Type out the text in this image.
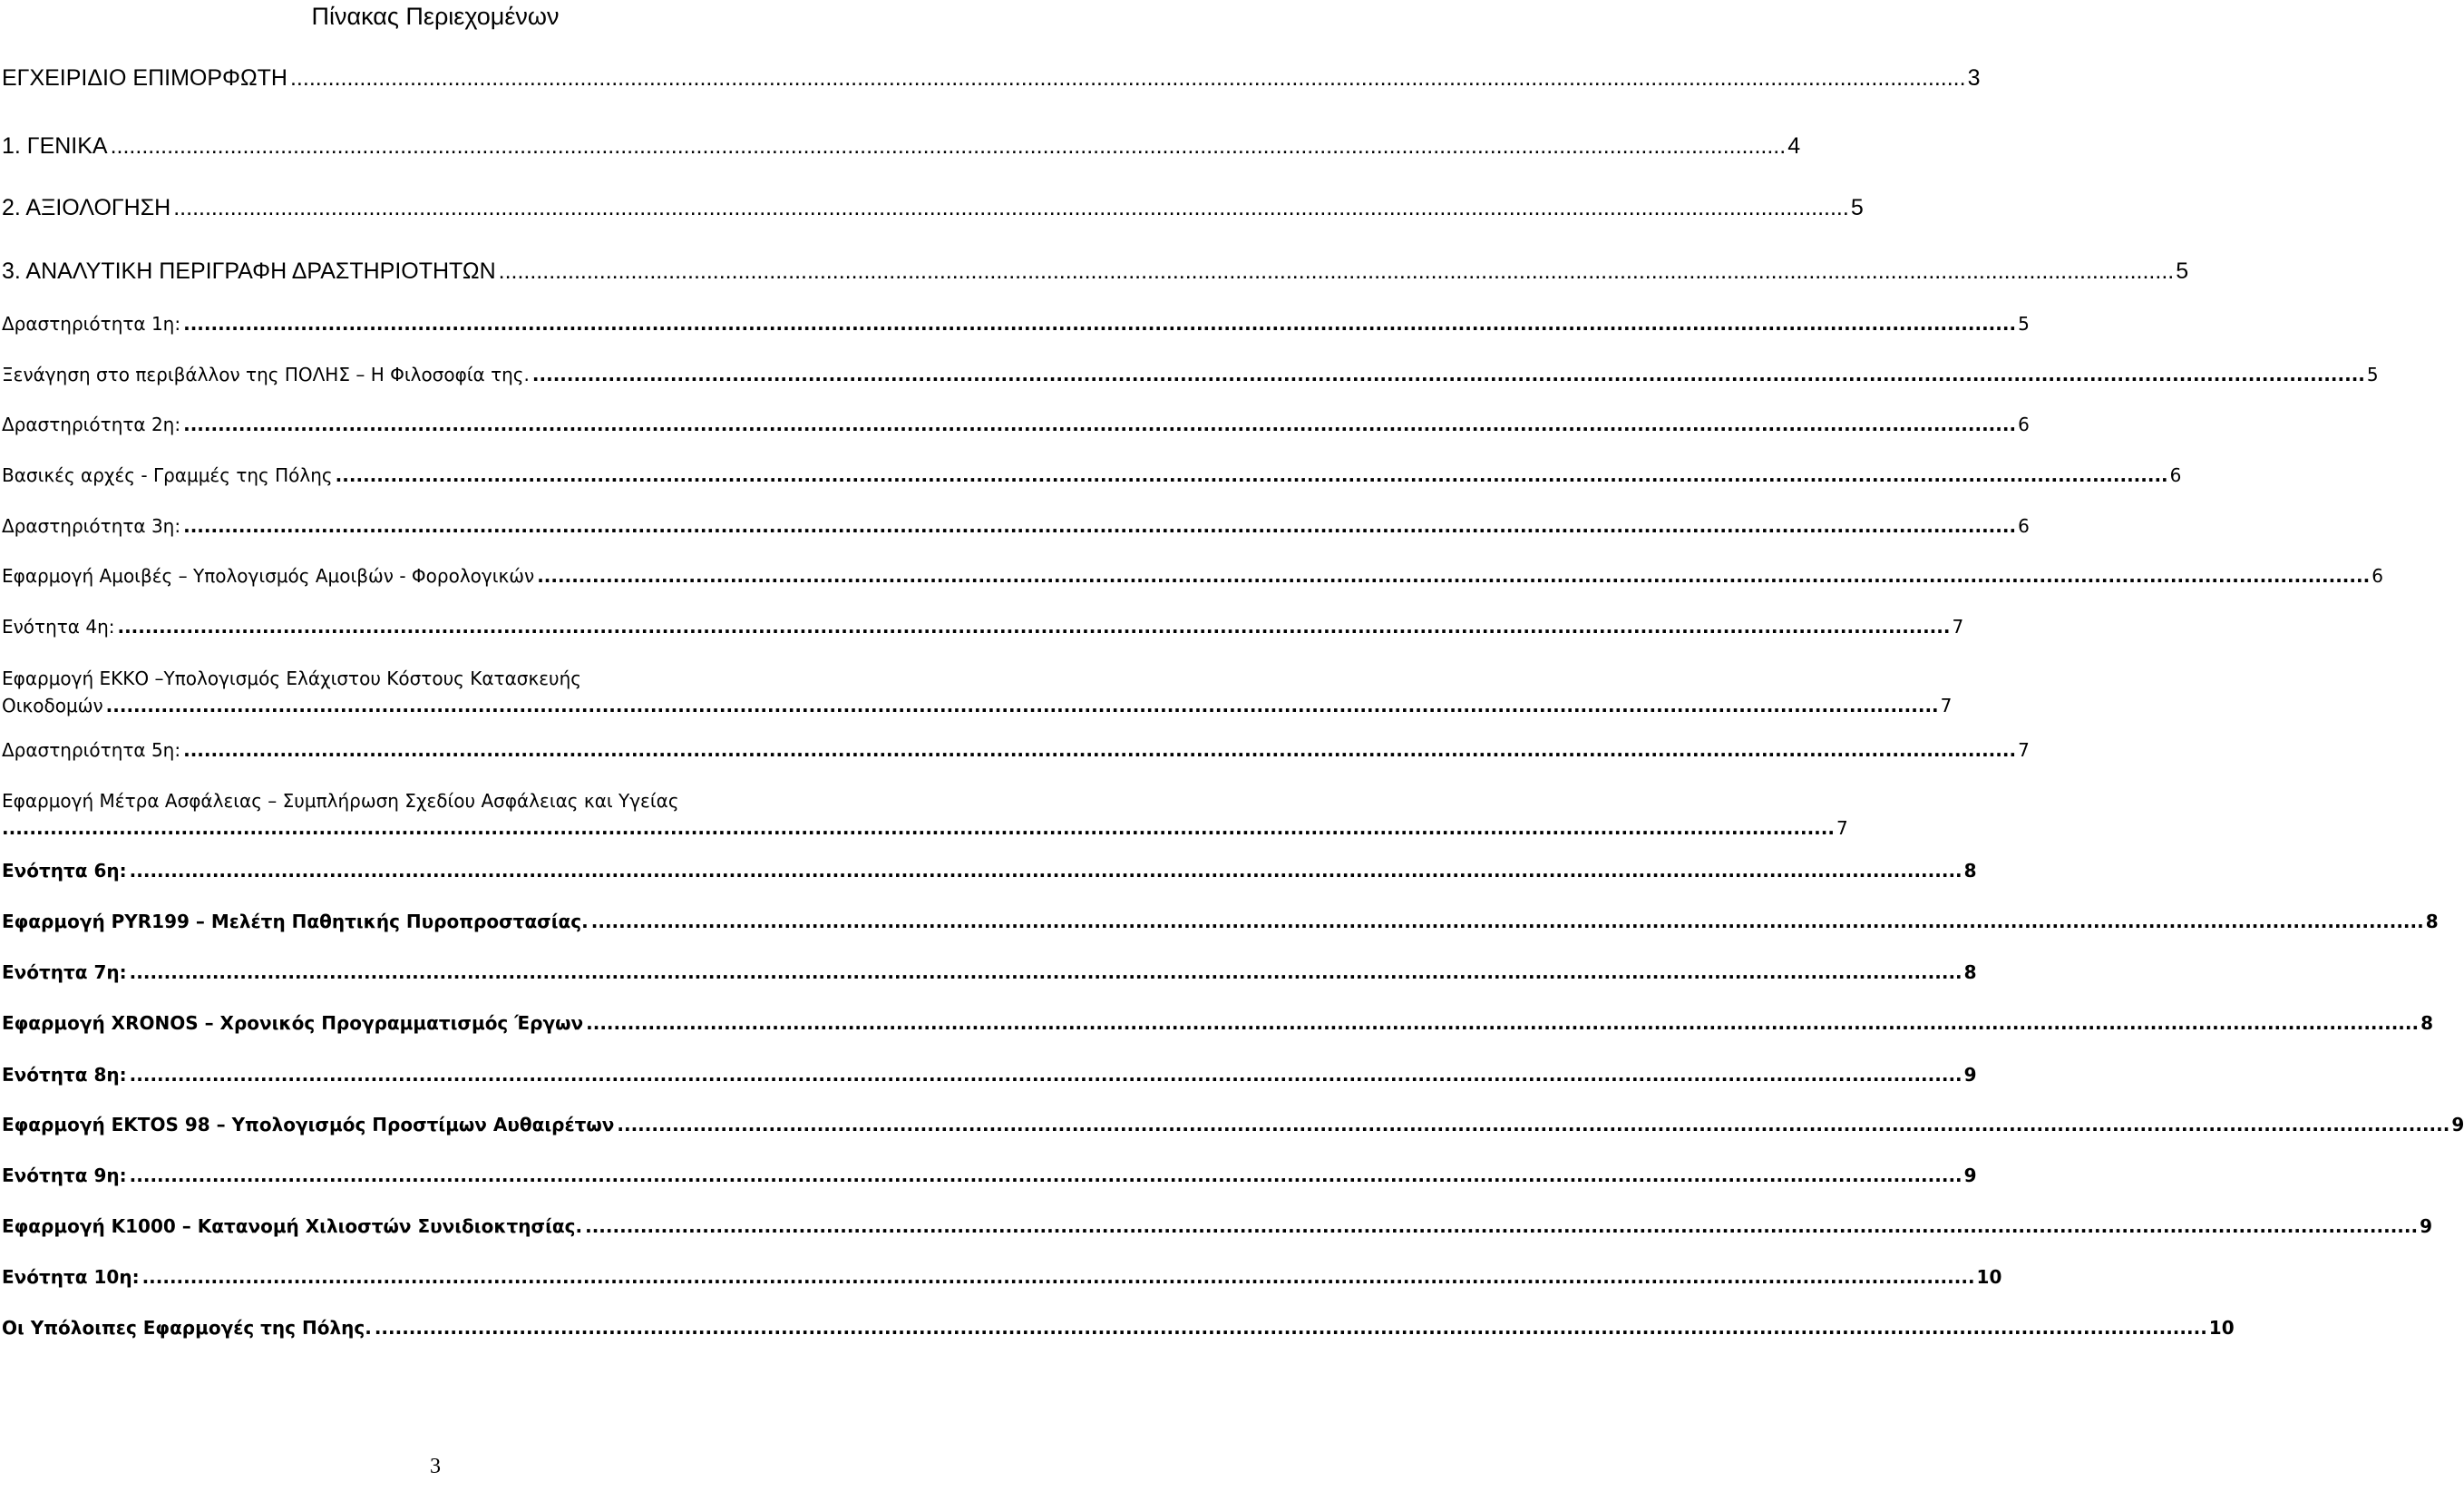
Πίνακας Περιεχομένων
ΕΓΧΕΙΡΙΔΙΟ ΕΠΙΜΟΡΦΩΤΗ .......................................................................................................................................................................................................................................................................... 3
1. ΓΕΝΙΚΑ .......................................................................................................................................................................................................................................................................... 4
2. ΑΞΙΟΛΟΓΗΣΗ .......................................................................................................................................................................................................................................................................... 5
3. ΑΝΑΛΥΤΙΚΗ ΠΕΡΙΓΡΑΦΗ ΔΡΑΣΤΗΡΙΟΤΗΤΩΝ .......................................................................................................................................................................................................................................................................... 5
Δραστηριότητα 1η: .......................................................................................................................................................................................................................................................................... 5
Ξενάγηση στο περιβάλλον της ΠΟΛΗΣ – Η Φιλοσοφία της. .......................................................................................................................................................................................................................................................................... 5
Δραστηριότητα 2η: .......................................................................................................................................................................................................................................................................... 6
Βασικές αρχές - Γραμμές της Πόλης .......................................................................................................................................................................................................................................................................... 6
Δραστηριότητα 3η: .......................................................................................................................................................................................................................................................................... 6
Εφαρμογή Αμοιβές – Υπολογισμός Αμοιβών - Φορολογικών .......................................................................................................................................................................................................................................................................... 6
Ενότητα 4η: .......................................................................................................................................................................................................................................................................... 7
Εφαρμογή ΕΚΚΟ –Υπολογισμός Ελάχιστου Κόστους Κατασκευής
Οικοδομών .......................................................................................................................................................................................................................................................................... 7
Δραστηριότητα 5η: .......................................................................................................................................................................................................................................................................... 7
Εφαρμογή Μέτρα Ασφάλειας – Συμπλήρωση Σχεδίου Ασφάλειας και Υγείας
.......................................................................................................................................................................................................................................................................... 7
Ενότητα 6η: .......................................................................................................................................................................................................................................................................... 8
Εφαρμογή PYR199 – Μελέτη Παθητικής Πυροπροστασίας. .......................................................................................................................................................................................................................................................................... 8
Ενότητα 7η: .......................................................................................................................................................................................................................................................................... 8
Εφαρμογή XRONOS – Χρονικός Προγραμματισμός Έργων .......................................................................................................................................................................................................................................................................... 8
Ενότητα 8η: .......................................................................................................................................................................................................................................................................... 9
Εφαρμογή EKTOS 98 – Υπολογισμός Προστίμων Αυθαιρέτων .......................................................................................................................................................................................................................................................................... 9
Ενότητα 9η: .......................................................................................................................................................................................................................................................................... 9
Εφαρμογή Κ1000 – Κατανομή Χιλιοστών Συνιδιοκτησίας. .......................................................................................................................................................................................................................................................................... 9
Ενότητα 10η: .......................................................................................................................................................................................................................................................................... 10
Οι Υπόλοιπες Εφαρμογές της Πόλης. .......................................................................................................................................................................................................................................................................... 10
3
